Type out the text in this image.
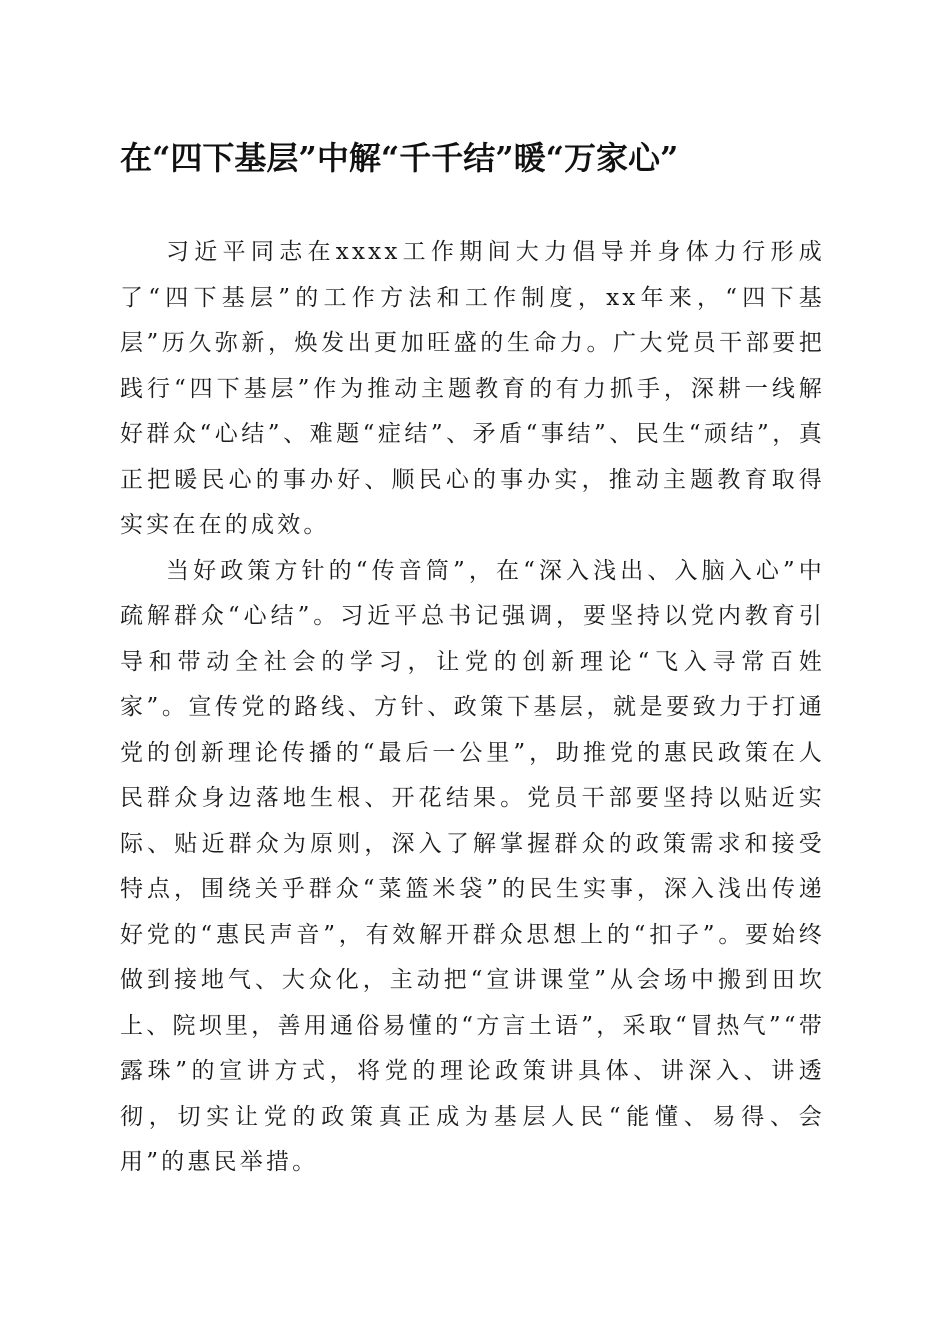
在“四下基层”中解“千千结”暖“万家心”

习近平同志在xxxx工作期间大力倡导并身体力行形成了“四下基层”的工作方法和工作制度，xx年来，“四下基层”历久弥新，焕发出更加旺盛的生命力。广大党员干部要把践行“四下基层”作为推动主题教育的有力抓手，深耕一线解好群众“心结”、难题“症结”、矛盾“事结”、民生“顽结”，真正把暖民心的事办好、顺民心的事办实，推动主题教育取得实实在在的成效。

当好政策方针的“传音筒”，在“深入浅出、入脑入心”中疏解群众“心结”。习近平总书记强调，要坚持以党内教育引导和带动全社会的学习，让党的创新理论“飞入寻常百姓家”。宣传党的路线、方针、政策下基层，就是要致力于打通党的创新理论传播的“最后一公里”，助推党的惠民政策在人民群众身边落地生根、开花结果。党员干部要坚持以贴近实际、贴近群众为原则，深入了解掌握群众的政策需求和接受特点，围绕关乎群众“菜篮米袋”的民生实事，深入浅出传递好党的“惠民声音”，有效解开群众思想上的“扣子”。要始终做到接地气、大众化，主动把“宣讲课堂”从会场中搬到田坎上、院坝里，善用通俗易懂的“方言土语”，采取“冒热气”“带露珠”的宣讲方式，将党的理论政策讲具体、讲深入、讲透彻，切实让党的政策真正成为基层人民“能懂、易得、会用”的惠民举措。
